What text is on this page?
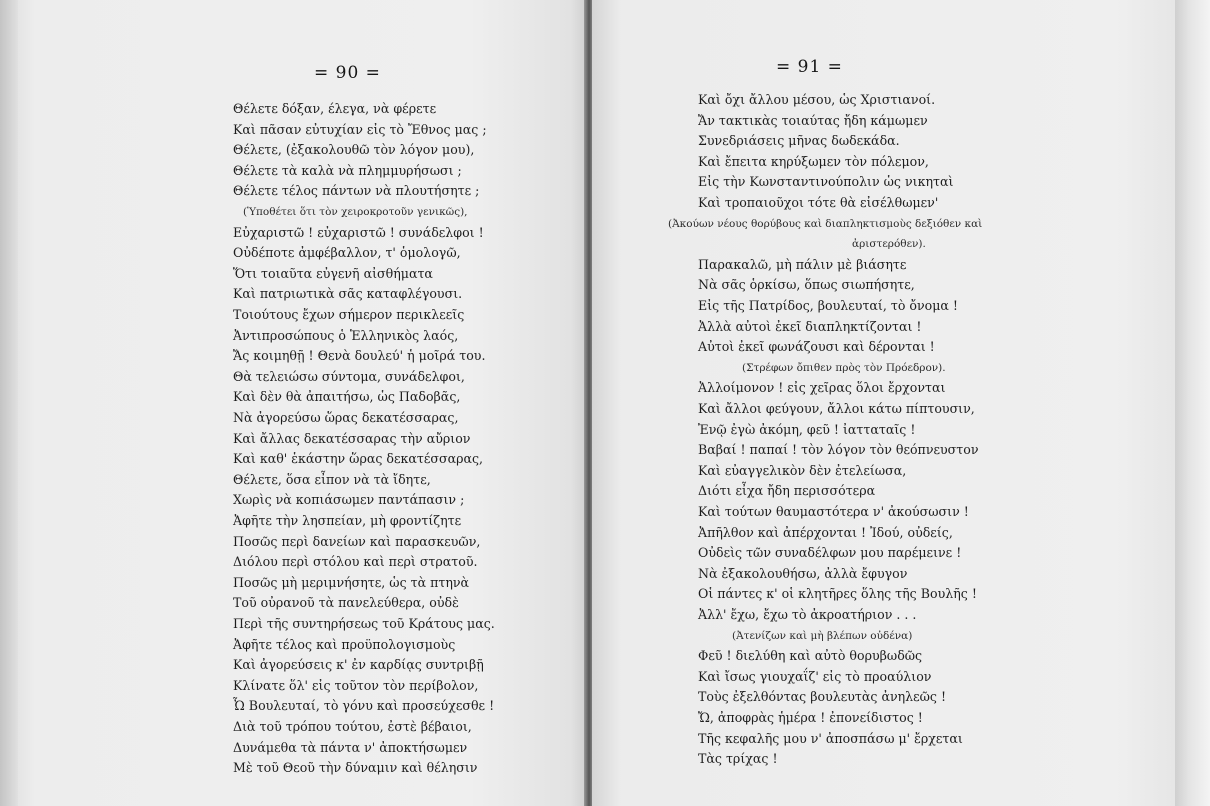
= 90 =
Θέλετε δόξαν, έλεγα, νὰ φέρετε
Καὶ πᾶσαν εὐτυχίαν εἰς τὸ Ἔθνος μας ;
Θέλετε, (ἐξακολουθῶ τὸν λόγον μου),
Θέλετε τὰ καλὰ νὰ πλημμυρήσωσι ;
Θέλετε τέλος πάντων νὰ πλουτήσητε ;
(Ὑποθέτει ὅτι τὸν χειροκροτοῦν γενικῶς),
Εὐχαριστῶ ! εὐχαριστῶ ! συνάδελφοι !
Οὐδέποτε ἀμφέβαλλον, τ' ὁμολογῶ,
Ὅτι τοιαῦτα εὐγενῆ αἰσθήματα
Καὶ πατριωτικὰ σᾶς καταφλέγουσι.
Τοιούτους ἔχων σήμερον περικλεεῖς
Ἀντιπροσώπους ὁ Ἑλληνικὸς λαός,
Ἄς κοιμηθῇ ! Θενὰ δουλεύ' ἡ μοῖρά του.
Θὰ τελειώσω σύντομα, συνάδελφοι,
Καὶ δὲν θὰ ἀπαιτήσω, ὡς Παδοβᾶς,
Νὰ ἀγορεύσω ὥρας δεκατέσσαρας,
Καὶ ἄλλας δεκατέσσαρας τὴν αὔριον
Καὶ καθ' ἑκάστην ὥρας δεκατέσσαρας,
Θέλετε, ὅσα εἶπον νὰ τὰ ἴδητε,
Χωρὶς νὰ κοπιάσωμεν παντάπασιν ;
Ἀφῆτε τὴν λησπείαν, μὴ φροντίζητε
Ποσῶς περὶ δανείων καὶ παρασκευῶν,
Διόλου περὶ στόλου καὶ περὶ στρατοῦ.
Ποσῶς μὴ μεριμνήσητε, ὡς τὰ πτηνὰ
Τοῦ οὐρανοῦ τὰ πανελεύθερα, οὐδὲ
Περὶ τῆς συντηρήσεως τοῦ Κράτους μας.
Ἀφῆτε τέλος καὶ προϋπολογισμοὺς
Καὶ ἀγορεύσεις κ' ἐν καρδίᾳς συντριβῇ
Κλίνατε ὅλ' εἰς τοῦτον τὸν περίβολον,
Ὦ Βουλευταί, τὸ γόνυ καὶ προσεύχεσθε !
Διὰ τοῦ τρόπου τούτου, ἐστὲ βέβαιοι,
Δυνάμεθα τὰ πάντα ν' ἀποκτήσωμεν
Μὲ τοῦ Θεοῦ τὴν δύναμιν καὶ θέλησιν
= 91 =
Καὶ ὄχι ἄλλου μέσου, ὡς Χριστιανοί.
Ἄν τακτικὰς τοιαύτας ἤδη κάμωμεν
Συνεδριάσεις μῆνας δωδεκάδα.
Καὶ ἔπειτα κηρύξωμεν τὸν πόλεμον,
Εἰς τὴν Κωνσταντινούπολιν ὡς νικηταὶ
Καὶ τροπαιοῦχοι τότε θὰ εἰσέλθωμεν'
(Ἀκούων νέους θορύβους καὶ διαπληκτισμοὺς δεξιόθεν καὶ
ἀριστερόθεν).
Παρακαλῶ, μὴ πάλιν μὲ βιάσητε
Νὰ σᾶς ὁρκίσω, ὅπως σιωπήσητε,
Εἰς τῆς Πατρίδος, βουλευταί, τὸ ὄνομα !
Ἀλλὰ αὐτοὶ ἐκεῖ διαπληκτίζονται !
Αὐτοὶ ἐκεῖ φωνάζουσι καὶ δέρονται !
(Στρέφων ὄπιθεν πρὸς τὸν Πρόεδρον).
Ἀλλοίμονον ! εἰς χεῖρας ὅλοι ἔρχονται
Καὶ ἄλλοι φεύγουν, ἄλλοι κάτω πίπτουσιν,
Ἐνῷ ἐγὼ ἀκόμη, φεῦ ! ἰατταταῖς !
Βαβαί ! παπαί ! τὸν λόγον τὸν θεόπνευστον
Καὶ εὐαγγελικὸν δὲν ἐτελείωσα,
Διότι εἶχα ἤδη περισσότερα
Καὶ τούτων θαυμαστότερα ν' ἀκούσωσιν !
Ἀπῆλθον καὶ ἀπέρχονται ! Ἰδού, οὐδείς,
Οὐδεὶς τῶν συναδέλφων μου παρέμεινε !
Νὰ ἐξακολουθήσω, ἀλλὰ ἔφυγον
Οἱ πάντες κ' οἱ κλητῆρες ὅλης τῆς Βουλῆς !
Ἀλλ' ἔχω, ἔχω τὸ ἀκροατήριον . . .
(Ἀτενίζων καὶ μὴ βλέπων οὐδένα)
Φεῦ ! διελύθη καὶ αὐτὸ θορυβωδῶς
Καὶ ἴσως γιουχαΐζ' εἰς τὸ προαύλιον
Τοὺς ἐξελθόντας βουλευτὰς ἀνηλεῶς !
Ὤ, ἀποφρὰς ἡμέρα ! ἐπονείδιστος !
Τῆς κεφαλῆς μου ν' ἀποσπάσω μ' ἔρχεται
Τὰς τρίχας !
